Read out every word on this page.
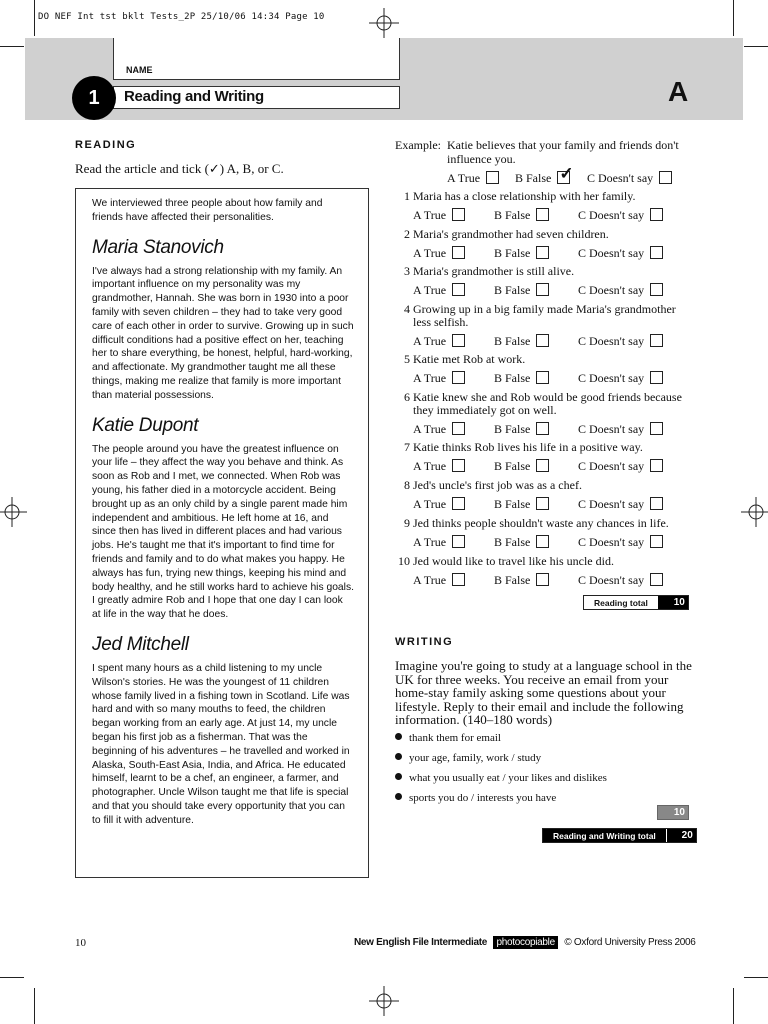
DO NEF Int tst bklt Tests_2P 25/10/06 14:34 Page 10
NAME
Reading and Writing
1	A
READING
Read the article and tick (✓) A, B, or C.
We interviewed three people about how family and friends have affected their personalities.
Maria Stanovich
I've always had a strong relationship with my family. An important influence on my personality was my grandmother, Hannah. She was born in 1930 into a poor family with seven children – they had to take very good care of each other in order to survive. Growing up in such difficult conditions had a positive effect on her, teaching her to share everything, be honest, helpful, hard-working, and affectionate. My grandmother taught me all these things, making me realize that family is more important than material possessions.
Katie Dupont
The people around you have the greatest influence on your life – they affect the way you behave and think. As soon as Rob and I met, we connected. When Rob was young, his father died in a motorcycle accident. Being brought up as an only child by a single parent made him independent and ambitious. He left home at 16, and since then has lived in different places and had various jobs. He's taught me that it's important to find time for friends and family and to do what makes you happy. He always has fun, trying new things, keeping his mind and body healthy, and he still works hard to achieve his goals. I greatly admire Rob and I hope that one day I can look at life in the way that he does.
Jed Mitchell
I spent many hours as a child listening to my uncle Wilson's stories. He was the youngest of 11 children whose family lived in a fishing town in Scotland. Life was hard and with so many mouths to feed, the children began working from an early age. At just 14, my uncle began his first job as a fisherman. That was the beginning of his adventures – he travelled and worked in Alaska, South-East Asia, India, and Africa. He educated himself, learnt to be a chef, an engineer, a farmer, and photographer. Uncle Wilson taught me that life is special and that you should take every opportunity that you can to fill it with adventure.
Example: Katie believes that your family and friends don't influence you.
A True	B False ✓ C Doesn't say
1 Maria has a close relationship with her family.
A True	B False	C Doesn't say
2 Maria's grandmother had seven children.
A True	B False	C Doesn't say
3 Maria's grandmother is still alive.
A True	B False	C Doesn't say
4 Growing up in a big family made Maria's grandmother less selfish.
A True	B False	C Doesn't say
5 Katie met Rob at work.
A True	B False	C Doesn't say
6 Katie knew she and Rob would be good friends because they immediately got on well.
A True	B False	C Doesn't say
7 Katie thinks Rob lives his life in a positive way.
A True	B False	C Doesn't say
8 Jed's uncle's first job was as a chef.
A True	B False	C Doesn't say
9 Jed thinks people shouldn't waste any chances in life.
A True	B False	C Doesn't say
10 Jed would like to travel like his uncle did.
A True	B False	C Doesn't say
Reading total	10
WRITING
Imagine you're going to study at a language school in the UK for three weeks. You receive an email from your home-stay family asking some questions about your lifestyle. Reply to their email and include the following information. (140–180 words)
thank them for email
your age, family, work / study
what you usually eat / your likes and dislikes
sports you do / interests you have
10
Reading and Writing total	20
10	New English File Intermediate photocopiable © Oxford University Press 2006
